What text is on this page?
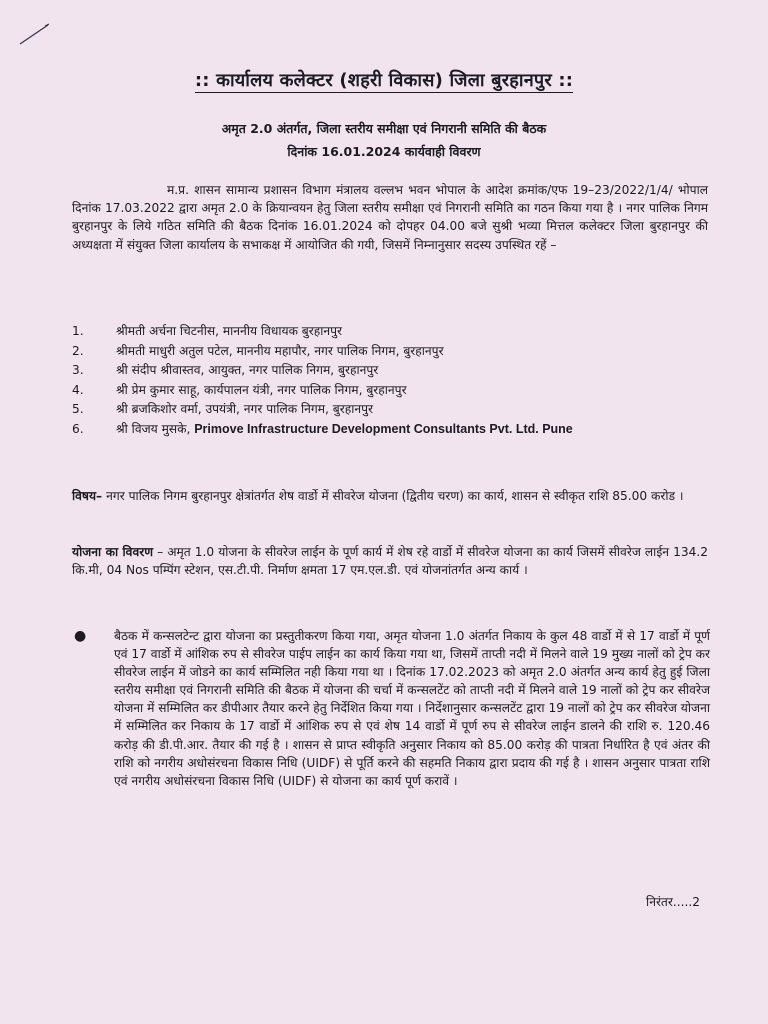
:: कार्यालय कलेक्टर (शहरी विकास) जिला बुरहानपुर ::
अमृत 2.0 अंतर्गत, जिला स्तरीय समीक्षा एवं निगरानी समिति की बैठक
दिनांक 16.01.2024 कार्यवाही विवरण
म.प्र. शासन सामान्य प्रशासन विभाग मंत्रालय वल्लभ भवन भोपाल के आदेश क्रमांक/एफ 19–23/2022/1/4/ भोपाल दिनांक 17.03.2022 द्वारा अमृत 2.0 के क्रियान्वयन हेतु जिला स्तरीय समीक्षा एवं निगरानी समिति का गठन किया गया है । नगर पालिक निगम बुरहानपुर के लिये गठित समिति की बैठक दिनांक 16.01.2024 को दोपहर 04.00 बजे सुश्री भव्या मित्तल कलेक्टर जिला बुरहानपुर की अध्यक्षता में संयुक्त जिला कार्यालय के सभाकक्ष में आयोजित की गयी, जिसमें निम्नानुसार सदस्य उपस्थित रहें –
1.	श्रीमती अर्चना चिटनीस, माननीय विधायक बुरहानपुर
2.	श्रीमती माधुरी अतुल पटेल, माननीय महापौर, नगर पालिक निगम, बुरहानपुर
3.	श्री संदीप श्रीवास्तव, आयुक्त, नगर पालिक निगम, बुरहानपुर
4.	श्री प्रेम कुमार साहू, कार्यपालन यंत्री, नगर पालिक निगम, बुरहानपुर
5.	श्री ब्रजकिशोर वर्मा, उपयंत्री, नगर पालिक निगम, बुरहानपुर
6.	श्री विजय मुसके, Primove Infrastructure Development Consultants Pvt. Ltd. Pune
विषय– नगर पालिक निगम बुरहानपुर क्षेत्रांतर्गत शेष वार्डो में सीवरेज योजना (द्वितीय चरण) का कार्य, शासन से स्वीकृत राशि 85.00 करोड ।
योजना का विवरण – अमृत 1.0 योजना के सीवरेज लाईन के पूर्ण कार्य में शेष रहे वार्डो में सीवरेज योजना का कार्य जिसमें सीवरेज लाईन 134.2 कि.मी, 04 Nos पम्पिंग स्टेशन, एस.टी.पी. निर्माण क्षमता 17 एम.एल.डी. एवं योजनांतर्गत अन्य कार्य ।
● बैठक में कन्सलटेन्ट द्वारा योजना का प्रस्तुतीकरण किया गया, अमृत योजना 1.0 अंतर्गत निकाय के कुल 48 वार्डो में से 17 वार्डो में पूर्ण एवं 17 वार्डो में आंशिक रुप से सीवरेज पाईप लाईन का कार्य किया गया था, जिसमें ताप्ती नदी में मिलने वाले 19 मुख्य नालों को ट्रेप कर सीवरेज लाईन में जोडने का कार्य सम्मिलित नही किया गया था । दिनांक 17.02.2023 को अमृत 2.0 अंतर्गत अन्य कार्य हेतु हुई जिला स्तरीय समीक्षा एवं निगरानी समिति की बैठक में योजना की चर्चा में कन्सलटेंट को ताप्ती नदी में मिलने वाले 19 नालों को ट्रेप कर सीवरेज योजना में सम्मिलित कर डीपीआर तैयार करने हेतु निर्देशित किया गया । निर्देशानुसार कन्सलटेंट द्वारा 19 नालों को ट्रेप कर सीवरेज योजना में सम्मिलित कर निकाय के 17 वार्डो में आंशिक रुप से एवं शेष 14 वार्डो में पूर्ण रुप से सीवरेज लाईन डालने की राशि रु. 120.46 करोड़ की डी.पी.आर. तैयार की गई है । शासन से प्राप्त स्वीकृति अनुसार निकाय को 85.00 करोड़ की पात्रता निर्धारित है एवं अंतर की राशि को नगरीय अधोसंरचना विकास निधि (UIDF) से पूर्ति करने की सहमति निकाय द्वारा प्रदाय की गई है । शासन अनुसार पात्रता राशि एवं नगरीय अधोसंरचना विकास निधि (UIDF) से योजना का कार्य पूर्ण करावें ।
निरंतर.....2
